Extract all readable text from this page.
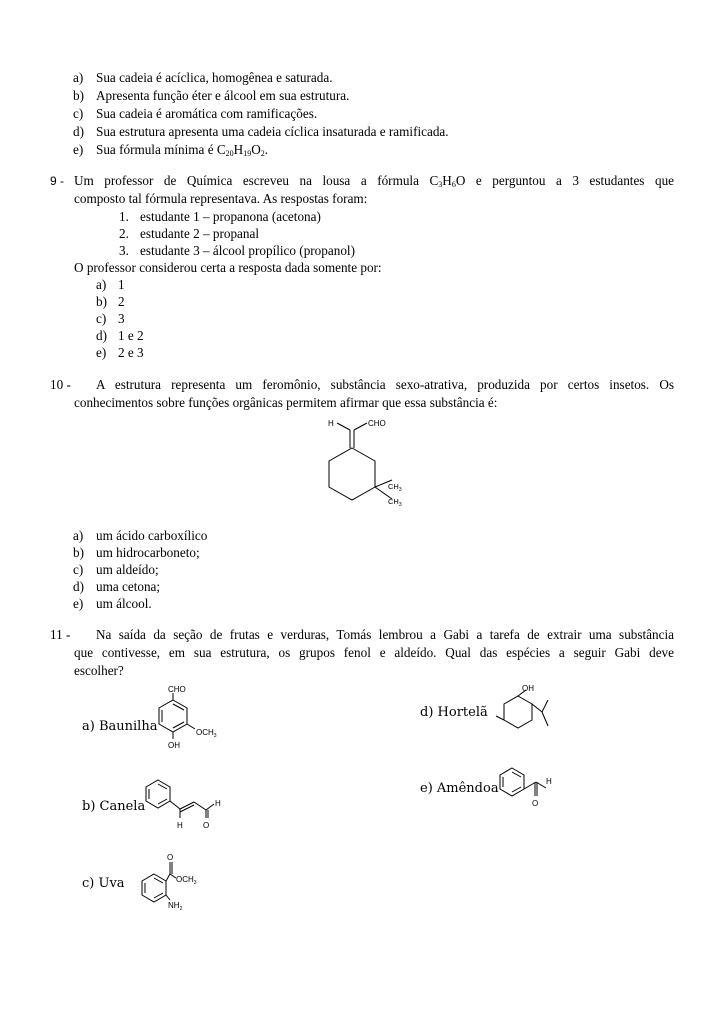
a) Sua cadeia é acíclica, homogênea e saturada.
b) Apresenta função éter e álcool em sua estrutura.
c) Sua cadeia é aromática com ramificações.
d) Sua estrutura apresenta uma cadeia cíclica insaturada e ramificada.
e) Sua fórmula mínima é $C_{20}H_{19}O_2$.
9 - Um professor de Química escreveu na lousa a fórmula $C_3H_6O$ e perguntou a 3 estudantes que
composto tal fórmula representava. As respostas foram:
1. estudante 1 – propanona (acetona)
2. estudante 2 – propanal
3. estudante 3 – álcool propílico (propanol)
O professor considerou certa a resposta dada somente por:
a) 1
b) 2
c) 3
d) 1 e 2
e) 2 e 3
10 - A estrutura representa um feromônio, substância sexo-atrativa, produzida por certos insetos. Os
conhecimentos sobre funções orgânicas permitem afirmar que essa substância é:
H	CHO
$CH_3$
$CH_3$
a) um ácido carboxílico
b) um hidrocarboneto;
c) um aldeído;
d) uma cetona;
e) um álcool.
11 - Na saída da seção de frutas e verduras, Tomás lembrou a Gabi a tarefa de extrair uma substância
que contivesse, em sua estrutura, os grupos fenol e aldeído. Qual das espécies a seguir Gabi deve
escolher?
a) Baunilha
CHO
$OCH_3$
OH
b) Canela
H
H
O
c) Uva
O
$OCH_3$
$NH_2$
d) Hortelã
OH
e) Amêndoa	H
O
